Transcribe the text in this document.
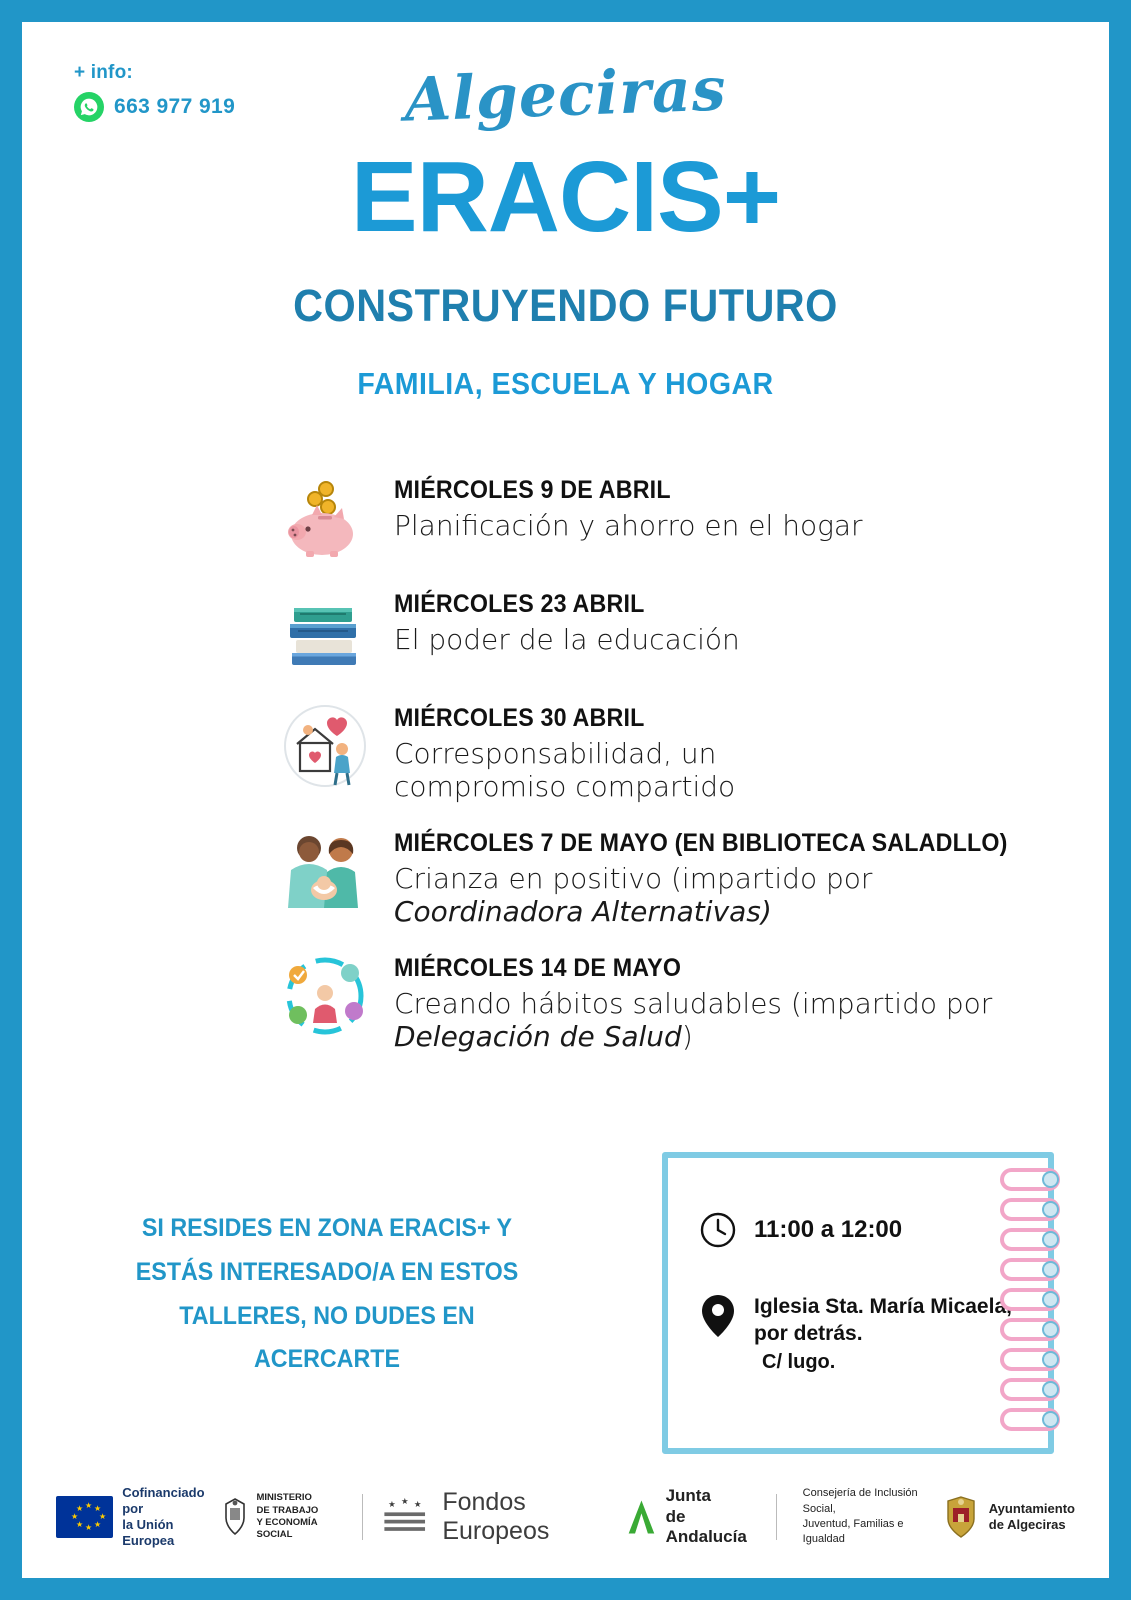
+ info:
663 977 919	Algeciras
ERACIS+
CONSTRUYENDO FUTURO
FAMILIA, ESCUELA Y HOGAR
MIÉRCOLES 9 DE ABRIL
Planificación y ahorro en el hogar
MIÉRCOLES 23 ABRIL
El poder de la educación
MIÉRCOLES 30 ABRIL
Corresponsabilidad, un compromiso compartido
MIÉRCOLES 7 DE MAYO (EN BIBLIOTECA SALADLLO)
Crianza en positivo (impartido por Coordinadora Alternativas)
MIÉRCOLES 14 DE MAYO
Creando hábitos saludables (impartido por Delegación de Salud)
SI RESIDES EN ZONA ERACIS+ Y ESTÁS INTERESADO/A EN ESTOS TALLERES, NO DUDES EN ACERCARTE
11:00 a 12:00
Iglesia Sta. María Micaela,
por detrás.
C/ lugo.
★ ★
★
★
★
★
★
★
Cofinanciado por
la Unión Europea
MINISTERIO
DE TRABAJO
Y ECONOMÍA SOCIAL
★ ★ ★ Fondos Europeos
Junta
de Andalucía
Consejería de Inclusión Social,
Juventud, Familias e Igualdad
Ayuntamiento
de Algeciras
